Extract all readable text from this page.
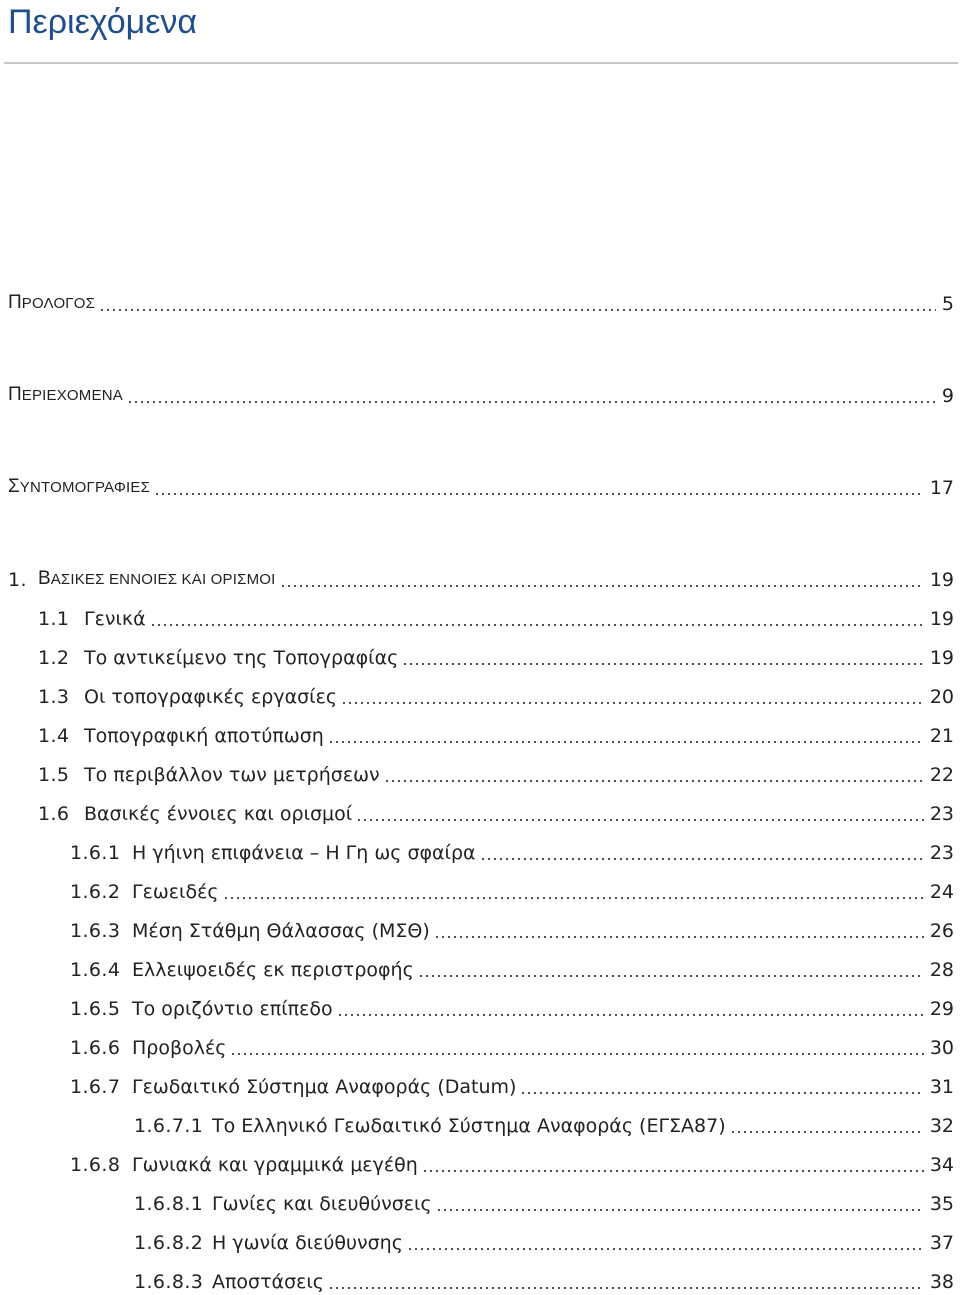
Περιεχόμενα
ΠΡΟΛΟΓΟΣ	5
ΠΕΡΙΕΧΟΜΕΝΑ	9
ΣΥΝΤΟΜΟΓΡΑΦΙΕΣ	17
1. ΒΑΣΙΚΕΣ ΕΝΝΟΙΕΣ ΚΑΙ ΟΡΙΣΜΟΙ	19
1.1 Γενικά	19
1.2 Το αντικείμενο της Τοπογραφίας	19
1.3 Οι τοπογραφικές εργασίες	20
1.4 Τοπογραφική αποτύπωση	21
1.5 Το περιβάλλον των μετρήσεων	22
1.6 Βασικές έννοιες και ορισμοί	23
1.6.1 Η γήινη επιφάνεια – Η Γη ως σφαίρα	23
1.6.2 Γεωειδές	24
1.6.3 Μέση Στάθμη Θάλασσας (ΜΣΘ)	26
1.6.4 Ελλειψοειδές εκ περιστροφής	28
1.6.5 Το οριζόντιο επίπεδο	29
1.6.6 Προβολές	30
1.6.7 Γεωδαιτικό Σύστημα Αναφοράς (Datum)	31
1.6.7.1 Το Ελληνικό Γεωδαιτικό Σύστημα Αναφοράς (ΕΓΣΑ87)	32
1.6.8 Γωνιακά και γραμμικά μεγέθη	34
1.6.8.1 Γωνίες και διευθύνσεις	35
1.6.8.2 Η γωνία διεύθυνσης	37
1.6.8.3 Αποστάσεις	38
